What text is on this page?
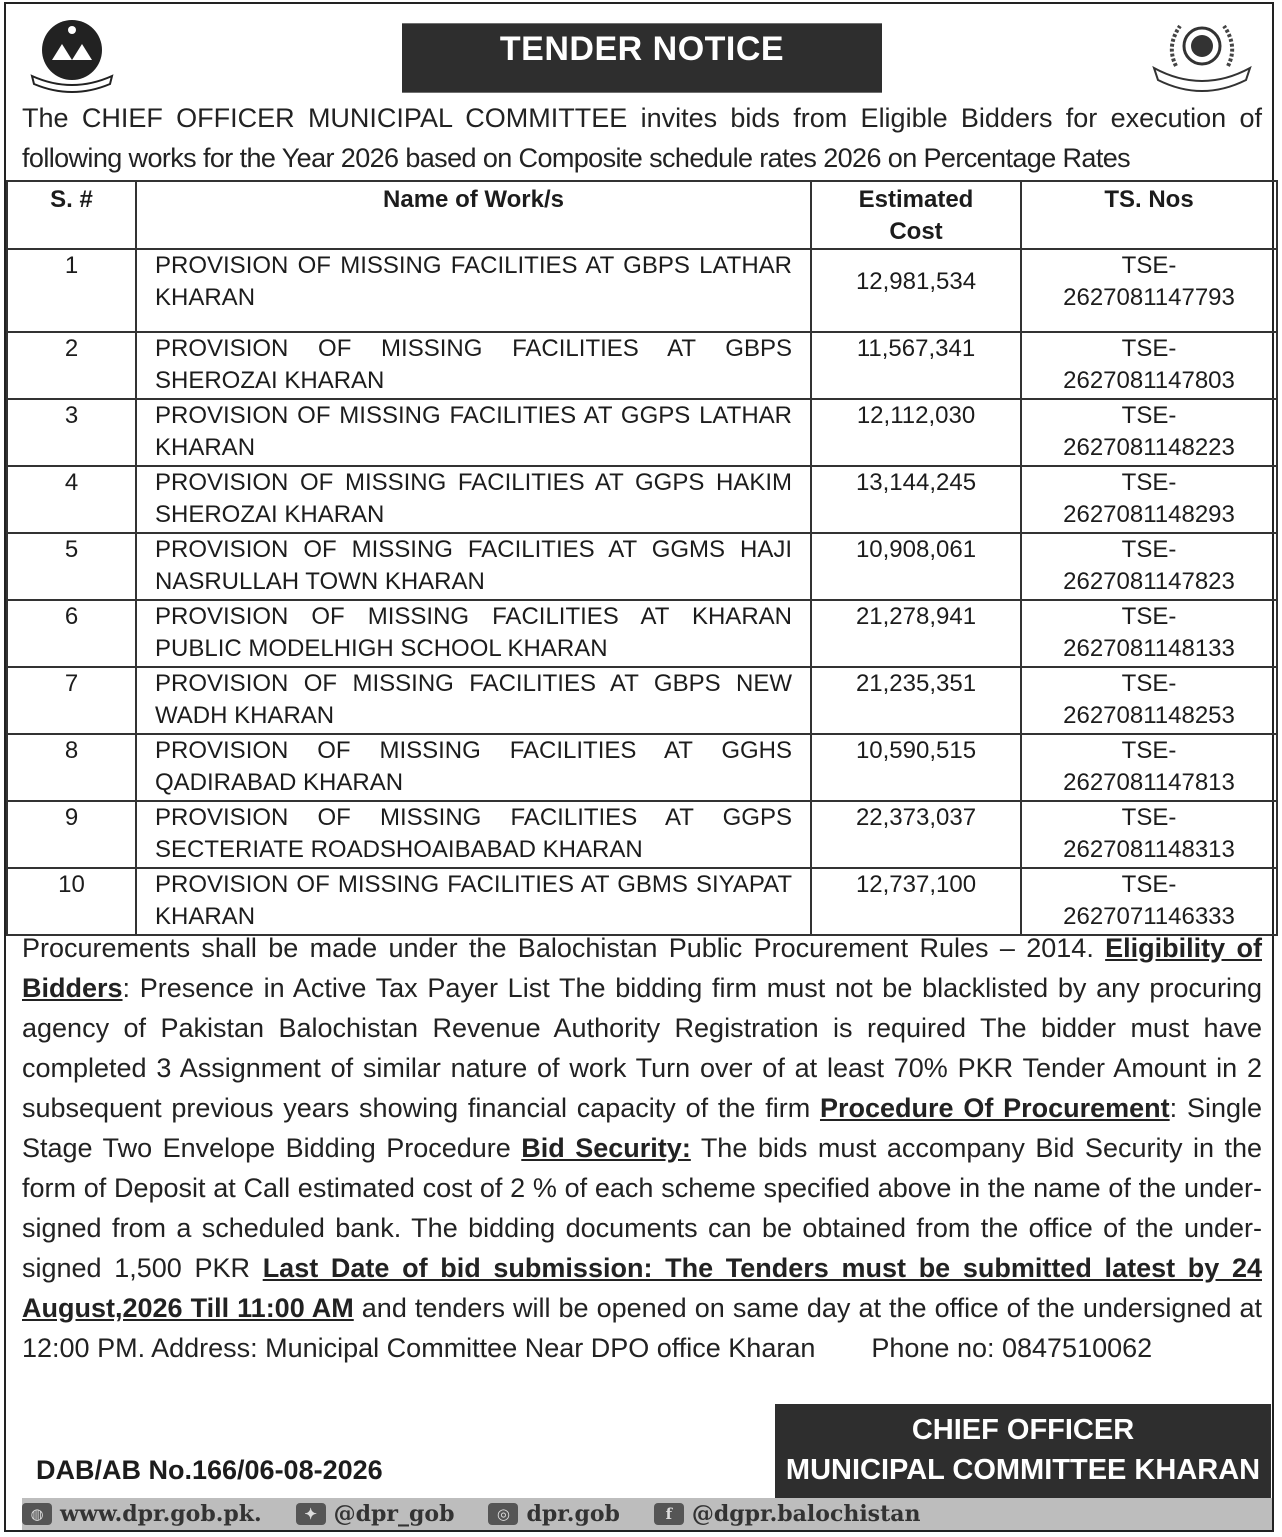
TENDER NOTICE
The CHIEF OFFICER MUNICIPAL COMMITTEE invites bids from Eligible Bidders for execution of
following works for the Year 2026 based on Composite schedule rates 2026 on Percentage Rates
S. #	Name of Work/s	Estimated
Cost	TS. Nos
1	PROVISION OF MISSING FACILITIES AT GBPS LATHAR KHARAN	12,981,534	TSE-
2627081147793
2	PROVISION OF MISSING FACILITIES AT GBPS SHEROZAI KHARAN	11,567,341	TSE-
2627081147803
3	PROVISION OF MISSING FACILITIES AT GGPS LATHAR KHARAN	12,112,030	TSE-
2627081148223
4	PROVISION OF MISSING FACILITIES AT GGPS HAKIM SHEROZAI KHARAN	13,144,245	TSE-
2627081148293
5	PROVISION OF MISSING FACILITIES AT GGMS HAJI NASRULLAH TOWN KHARAN	10,908,061	TSE-
2627081147823
6	PROVISION OF MISSING FACILITIES AT KHARAN PUBLIC MODELHIGH SCHOOL KHARAN	21,278,941	TSE-
2627081148133
7	PROVISION OF MISSING FACILITIES AT GBPS NEW WADH KHARAN	21,235,351	TSE-
2627081148253
8	PROVISION OF MISSING FACILITIES AT GGHS QADIRABAD KHARAN	10,590,515	TSE-
2627081147813
9	PROVISION OF MISSING FACILITIES AT GGPS SECTERIATE ROADSHOAIBABAD KHARAN	22,373,037	TSE-
2627081148313
10	PROVISION OF MISSING FACILITIES AT GBMS SIYAPAT KHARAN	12,737,100	TSE-
2627071146333
Procurements shall be made under the Balochistan Public Procurement Rules – 2014. Eligibility of Bidders: Presence in Active Tax Payer List The bidding firm must not be blacklisted by any procuring agency of Pakistan Balochistan Revenue Authority Registration is required The bidder must have completed 3 Assignment of similar nature of work Turn over of at least 70% PKR Tender Amount in 2 subsequent previous years showing financial capacity of the firm Procedure Of Procurement: Single Stage Two Envelope Bidding Procedure Bid Security: The bids must accompany Bid Security in the form of Deposit at Call estimated cost of 2 % of each scheme specified above in the name of the under-signed from a scheduled bank. The bidding documents can be obtained from the office of the under-signed 1,500 PKR Last Date of bid submission: The Tenders must be submitted latest by 24 August,2026 Till 11:00 AM and tenders will be opened on same day at the office of the undersigned at 12:00 PM. Address: Municipal Committee Near DPO office Kharan Phone no: 0847510062
CHIEF OFFICER
MUNICIPAL COMMITTEE KHARAN
DAB/AB No.166/06-08-2026
◍ www.dpr.gob.pk.	✦ @dpr_gob	◎ dpr.gob	f @dgpr.balochistan
